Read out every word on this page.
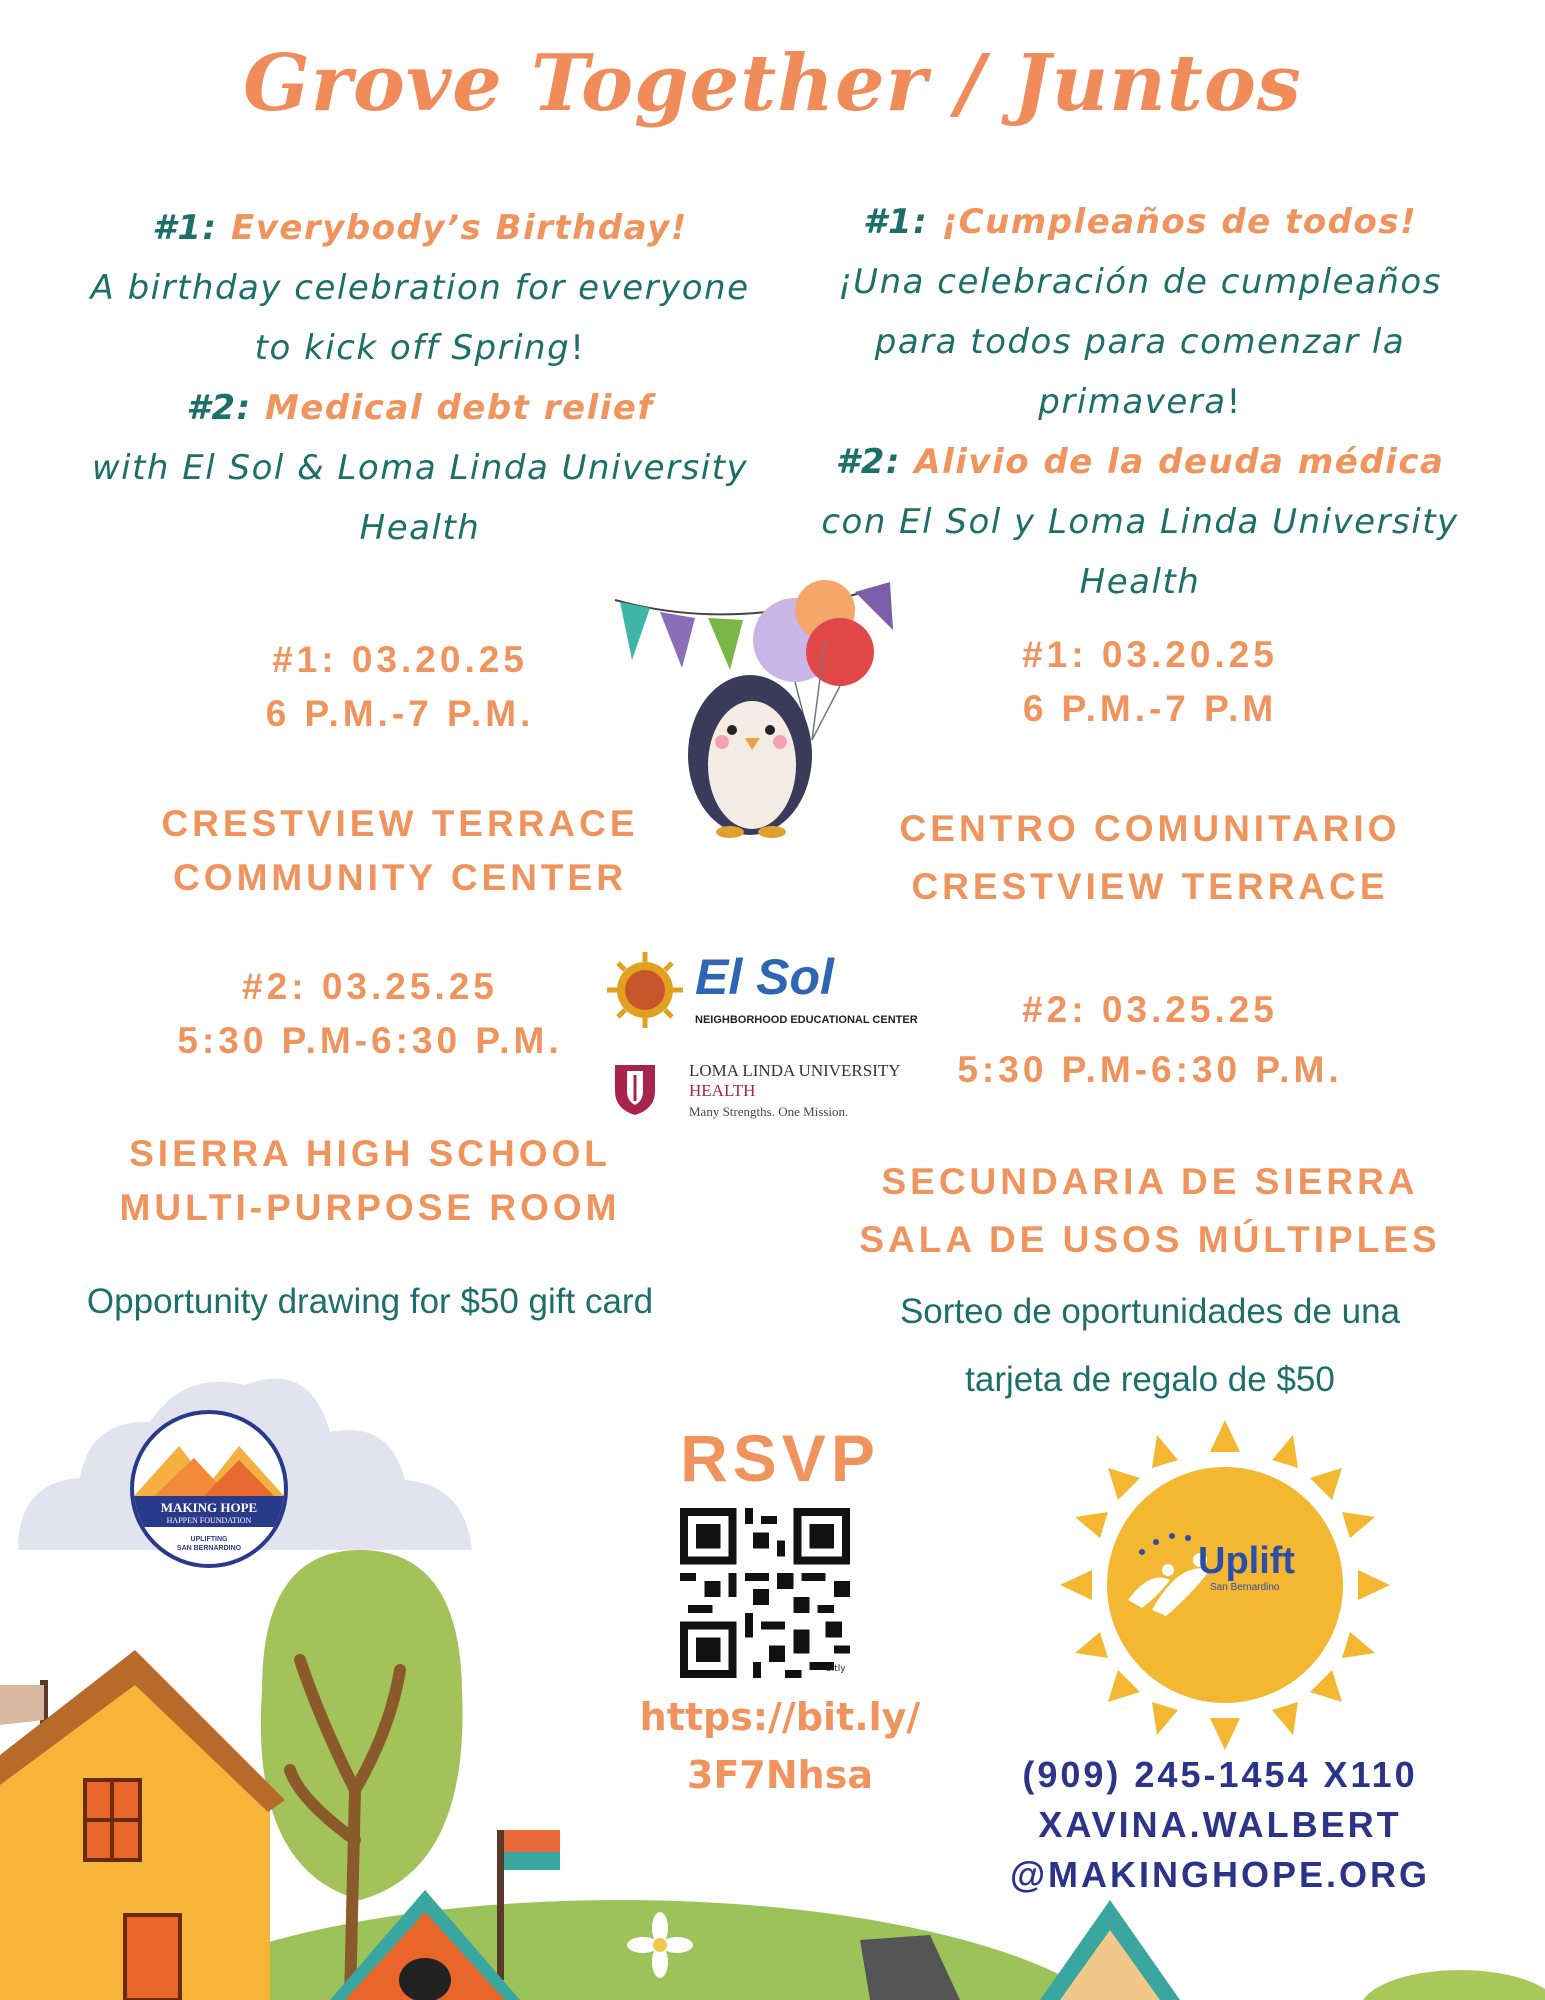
Grove Together / Juntos
#1: Everybody’s Birthday!
A birthday celebration for everyone
to kick off Spring!
#2: Medical debt relief
with El Sol & Loma Linda University
Health
#1: ¡Cumpleaños de todos!
¡Una celebración de cumpleaños
para todos para comenzar la
primavera!
#2: Alivio de la deuda médica
con El Sol y Loma Linda University
Health
#1: 03.20.25
6 P.M.-7 P.M.
CRESTVIEW TERRACE
COMMUNITY CENTER
#2: 03.25.25
5:30 P.M-6:30 P.M.
SIERRA HIGH SCHOOL
MULTI-PURPOSE ROOM
Opportunity drawing for $50 gift card
#1: 03.20.25
6 P.M.-7 P.M
CENTRO COMUNITARIO
CRESTVIEW TERRACE
#2: 03.25.25
5:30 P.M-6:30 P.M.
SECUNDARIA DE SIERRA
SALA DE USOS MÚLTIPLES
Sorteo de oportunidades de una
tarjeta de regalo de $50
El Sol
NEIGHBORHOOD EDUCATIONAL CENTER
LOMA LINDA UNIVERSITY
HEALTH
Many Strengths. One Mission.
MAKING HOPE
HAPPEN FOUNDATION
UPLIFTING
SAN BERNARDINO
RSVP
bitly
https://bit.ly/
3F7Nhsa
Uplift
San Bernardino
(909) 245-1454 X110
XAVINA.WALBERT
@MAKINGHOPE.ORG
